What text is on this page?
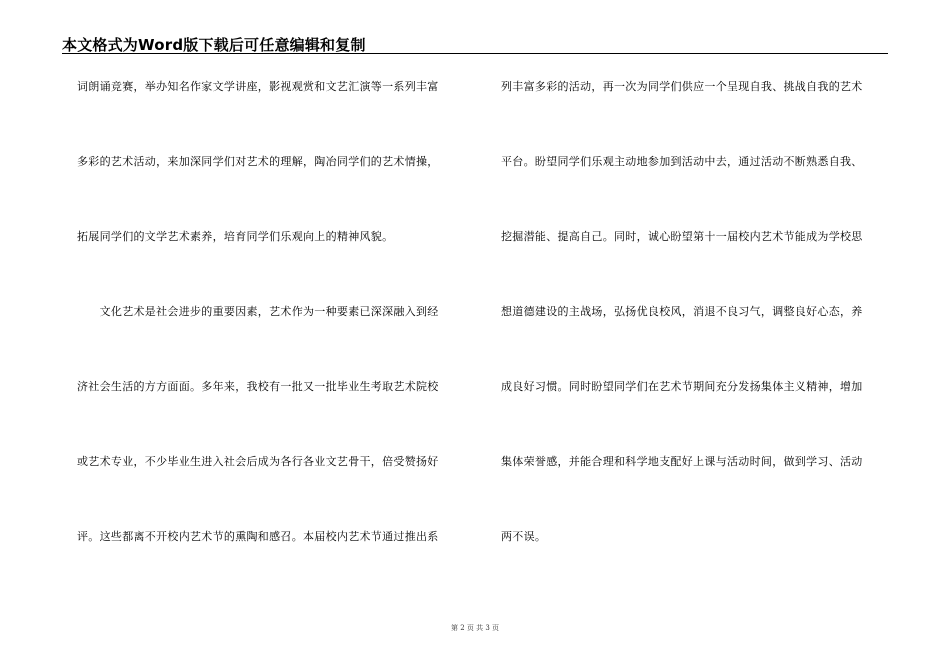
本文格式为Word版下载后可任意编辑和复制
词朗诵竞赛，举办知名作家文学讲座，影视观赏和文艺汇演等一系列丰富
多彩的艺术活动，来加深同学们对艺术的理解，陶冶同学们的艺术情操，
拓展同学们的文学艺术素养，培育同学们乐观向上的精神风貌。
　　文化艺术是社会进步的重要因素，艺术作为一种要素已深深融入到经
济社会生活的方方面面。多年来，我校有一批又一批毕业生考取艺术院校
或艺术专业，不少毕业生进入社会后成为各行各业文艺骨干，倍受赞扬好
评。这些都离不开校内艺术节的熏陶和感召。本届校内艺术节通过推出系
列丰富多彩的活动，再一次为同学们供应一个呈现自我、挑战自我的艺术
平台。盼望同学们乐观主动地参加到活动中去，通过活动不断熟悉自我、
挖掘潜能、提高自己。同时，诚心盼望第十一届校内艺术节能成为学校思
想道德建设的主战场，弘扬优良校风，消退不良习气，调整良好心态，养
成良好习惯。同时盼望同学们在艺术节期间充分发扬集体主义精神，增加
集体荣誉感，并能合理和科学地支配好上课与活动时间，做到学习、活动
两不误。
第 2 页 共 3 页
